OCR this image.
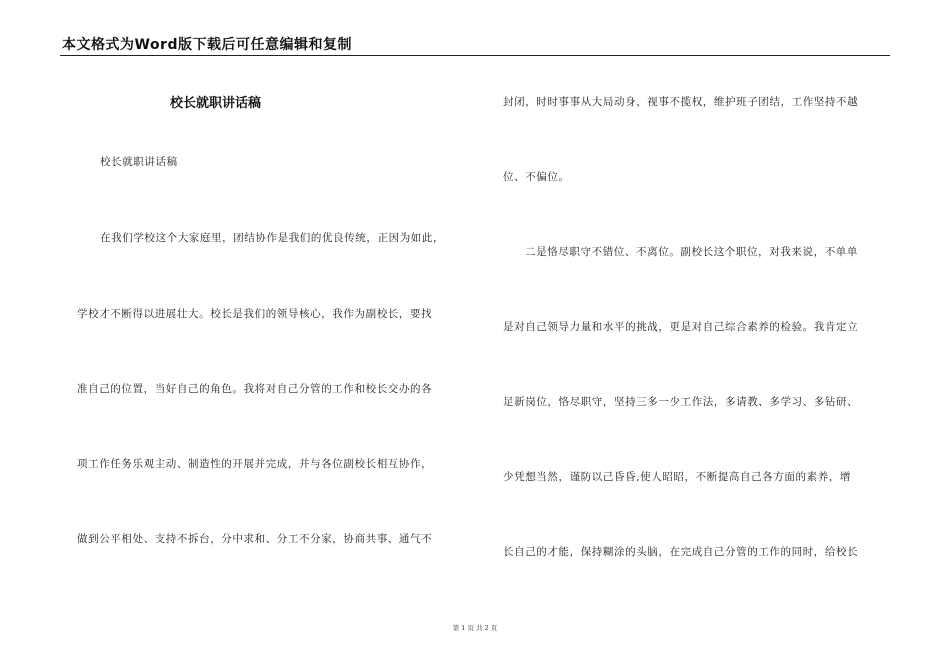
本文格式为Word版下载后可任意编辑和复制
校长就职讲话稿
校长就职讲话稿
在我们学校这个大家庭里，团结协作是我们的优良传统，正因为如此，
学校才不断得以进展壮大。校长是我们的领导核心，我作为副校长，要找
准自己的位置，当好自己的角色。我将对自己分管的工作和校长交办的各
项工作任务乐观主动、制造性的开展并完成，并与各位副校长相互协作，
做到公平相处、支持不拆台，分中求和、分工不分家，协商共事、通气不
封闭，时时事事从大局动身，视事不揽权，维护班子团结，工作坚持不越
位、不偏位。
二是恪尽职守不错位、不离位。副校长这个职位，对我来说，不单单
是对自己领导力量和水平的挑战，更是对自己综合素养的检验。我肯定立
足新岗位，恪尽职守，坚持三多一少工作法，多请教、多学习、多钻研、
少凭想当然，谨防以己昏昏,使人昭昭，不断提高自己各方面的素养，增
长自己的才能，保持糊涂的头脑，在完成自己分管的工作的同时，给校长
第 1 页 共 2 页
